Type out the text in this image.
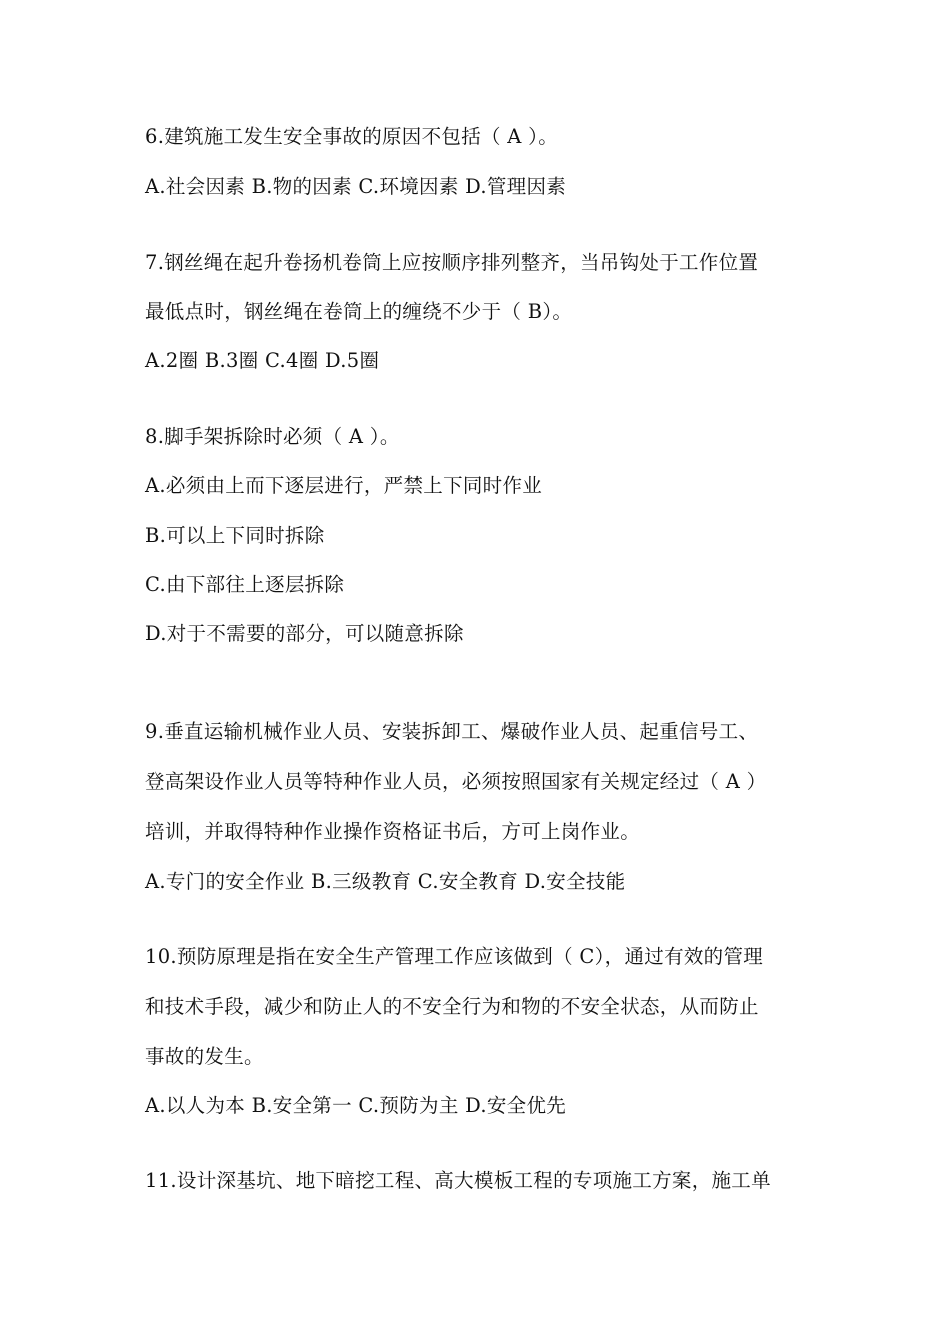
6.建筑施工发生安全事故的原因不包括（ A ）。
A.社会因素 B.物的因素 C.环境因素 D.管理因素
7.钢丝绳在起升卷扬机卷筒上应按顺序排列整齐，当吊钩处于工作位置
最低点时，钢丝绳在卷筒上的缠绕不少于（ B）。
A.2圈 B.3圈 C.4圈 D.5圈
8.脚手架拆除时必须（ A ）。
A.必须由上而下逐层进行，严禁上下同时作业
B.可以上下同时拆除
C.由下部往上逐层拆除
D.对于不需要的部分，可以随意拆除
9.垂直运输机械作业人员、安装拆卸工、爆破作业人员、起重信号工、
登高架设作业人员等特种作业人员，必须按照国家有关规定经过（ A ）
培训，并取得特种作业操作资格证书后，方可上岗作业。
A.专门的安全作业 B.三级教育 C.安全教育 D.安全技能
10.预防原理是指在安全生产管理工作应该做到（ C），通过有效的管理
和技术手段，减少和防止人的不安全行为和物的不安全状态，从而防止
事故的发生。
A.以人为本 B.安全第一 C.预防为主 D.安全优先
11.设计深基坑、地下暗挖工程、高大模板工程的专项施工方案，施工单
